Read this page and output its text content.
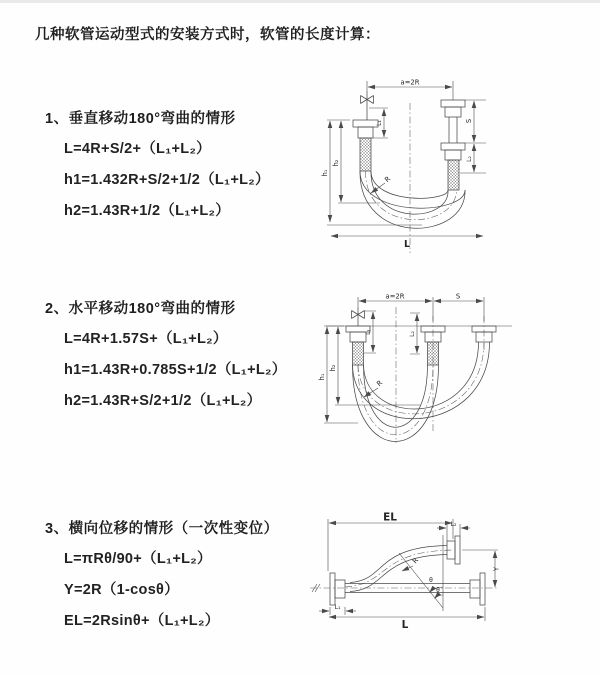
几种软管运动型式的安装方式时，软管的长度计算：
1、垂直移动180°弯曲的情形
L=4R+S/2+（L₁+L₂）
h1=1.432R+S/2+1/2（L₁+L₂）
h2=1.43R+1/2（L₁+L₂）
2、水平移动180°弯曲的情形
L=4R+1.57S+（L₁+L₂）
h1=1.43R+0.785S+1/2（L₁+L₂）
h2=1.43R+S/2+1/2（L₁+L₂）
3、横向位移的情形（一次性变位）
L=πRθ/90+（L₁+L₂）
Y=2R（1-cosθ）
EL=2Rsinθ+（L₁+L₂）
a=2R
h₁
h₂
L₁	S
L₂
R
L
a=2R	S
h₁
h₂
L₁	L₂
R
EL
L₂
Y
R
θ
θ
L
L₁
